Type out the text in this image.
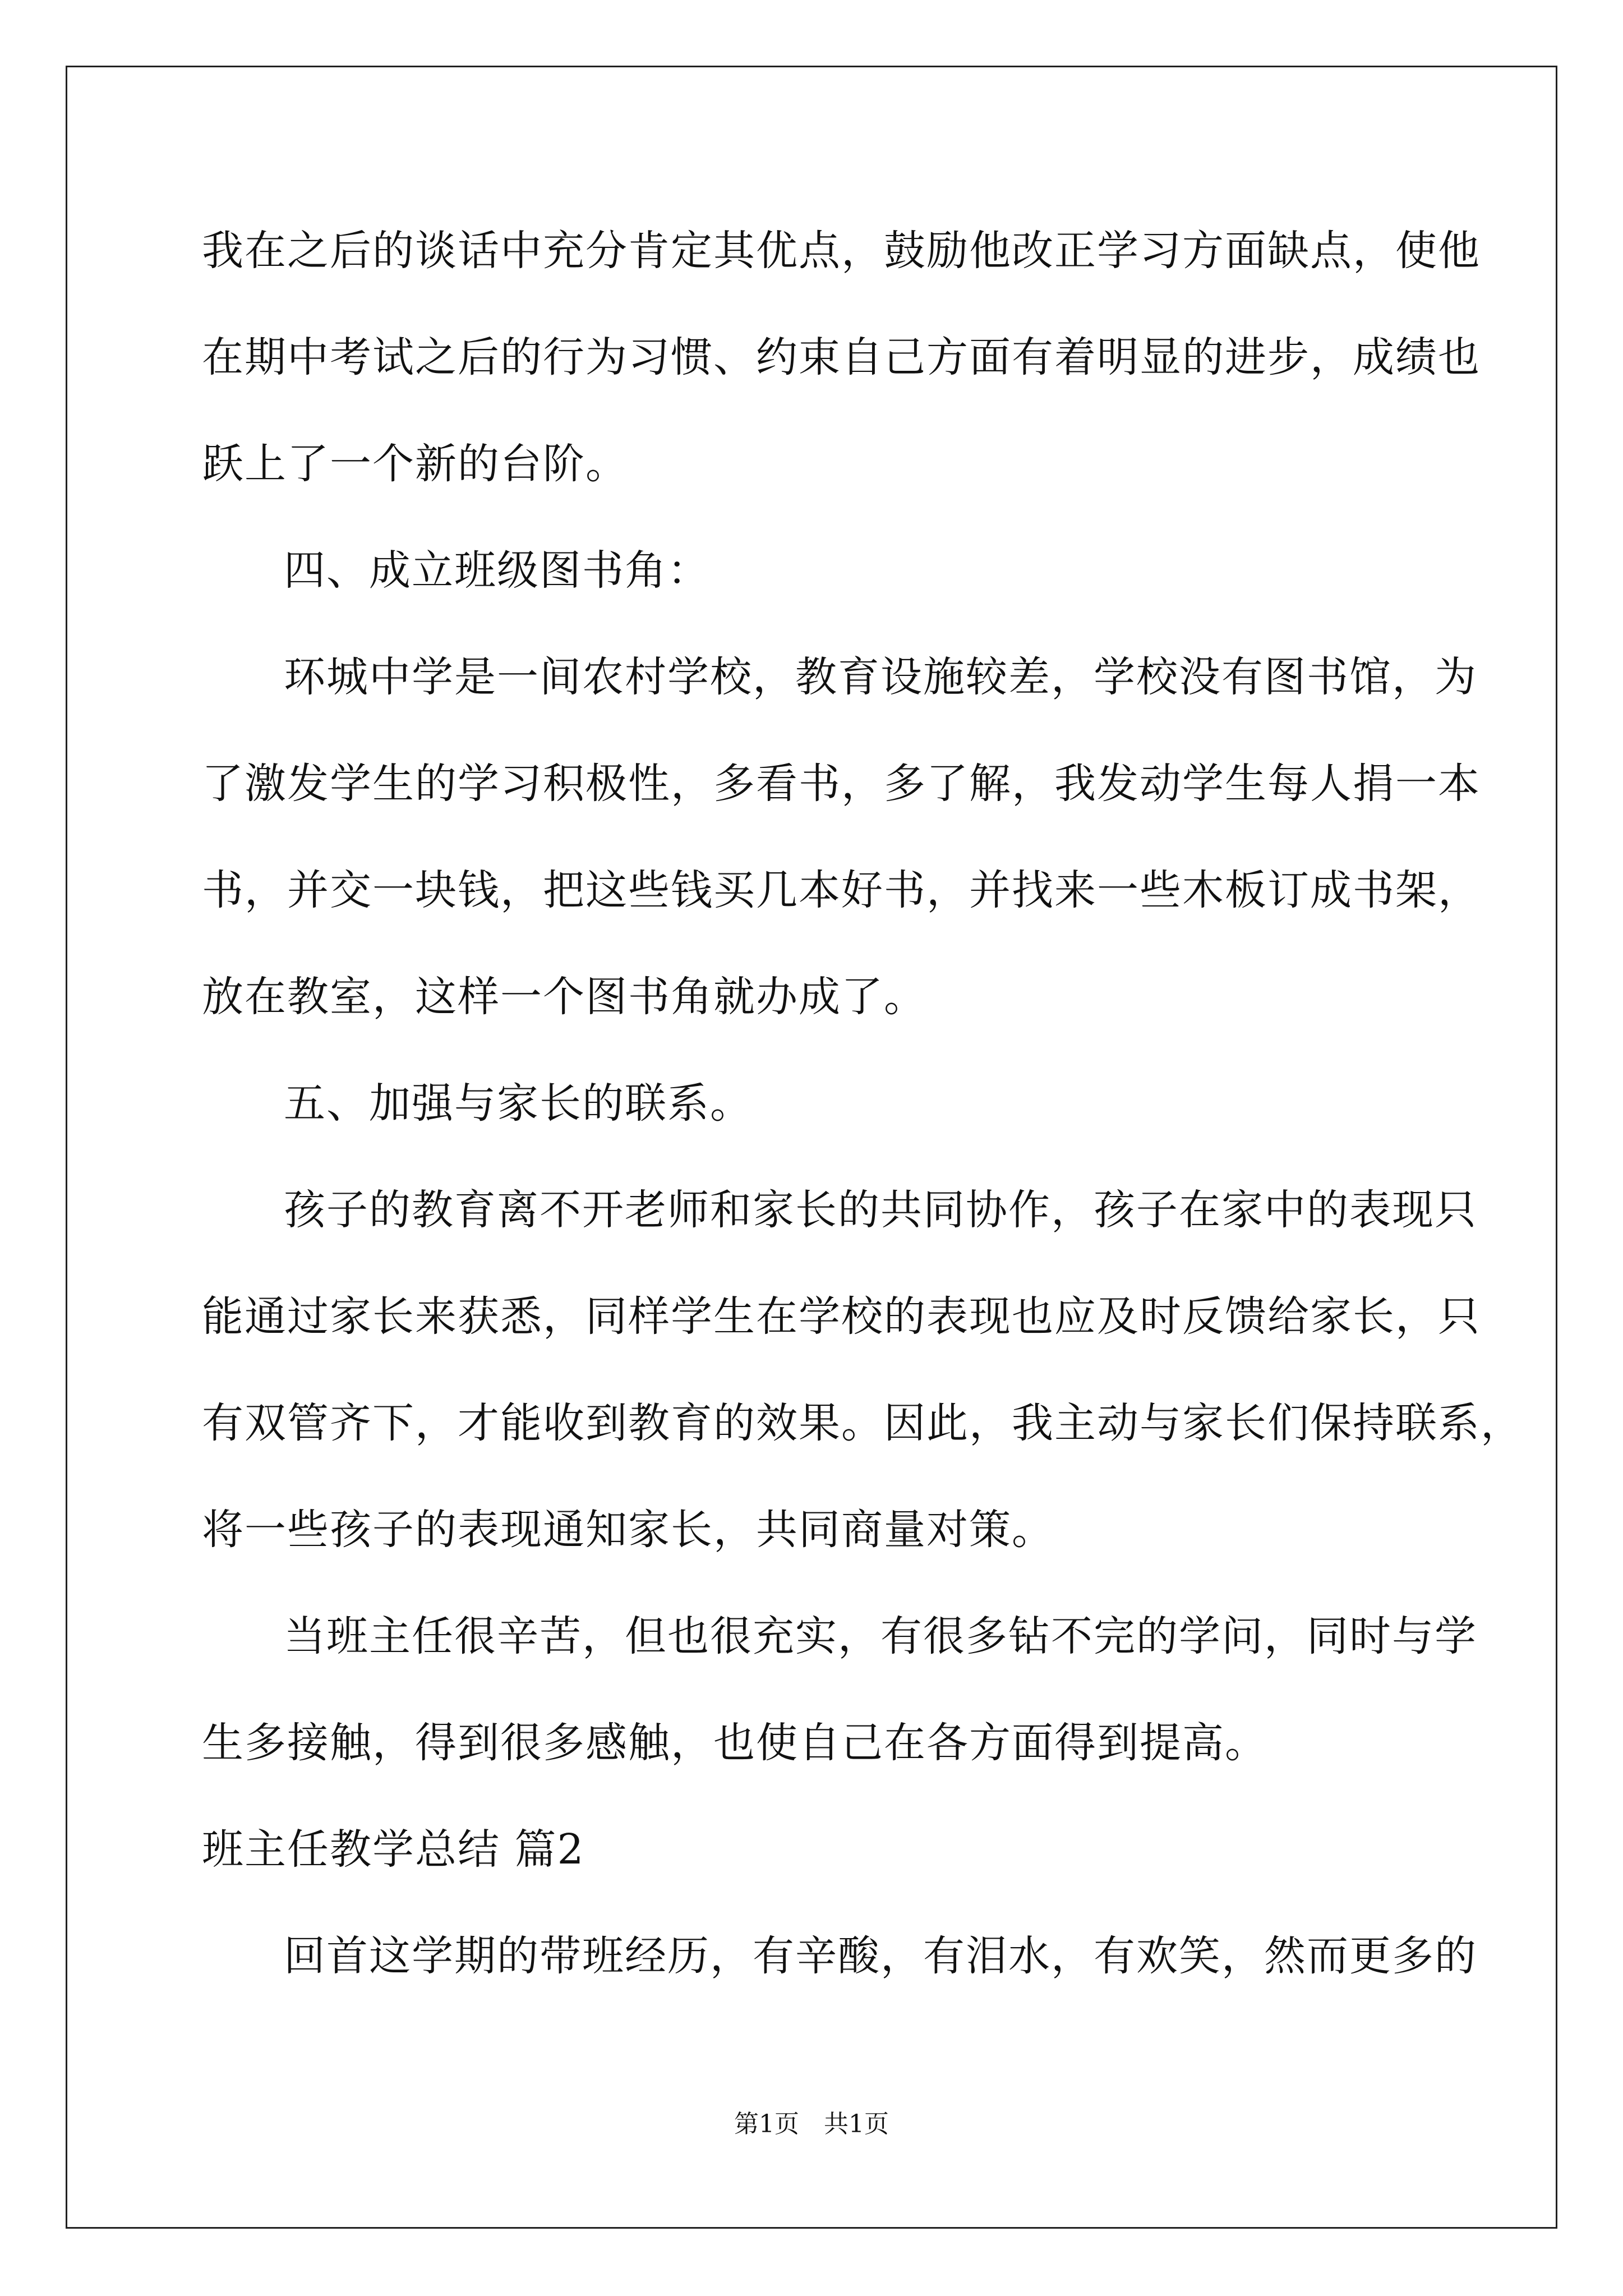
我在之后的谈话中充分肯定其优点，鼓励他改正学习方面缺点，使他
在期中考试之后的行为习惯、约束自己方面有着明显的进步，成绩也
跃上了一个新的台阶。
四、成立班级图书角：
环城中学是一间农村学校，教育设施较差，学校没有图书馆，为
了激发学生的学习积极性，多看书，多了解，我发动学生每人捐一本
书，并交一块钱，把这些钱买几本好书，并找来一些木板订成书架，
放在教室，这样一个图书角就办成了。
五、加强与家长的联系。
孩子的教育离不开老师和家长的共同协作，孩子在家中的表现只
能通过家长来获悉，同样学生在学校的表现也应及时反馈给家长，只
有双管齐下，才能收到教育的效果。因此，我主动与家长们保持联系，
将一些孩子的表现通知家长，共同商量对策。
当班主任很辛苦，但也很充实，有很多钻不完的学问，同时与学
生多接触，得到很多感触，也使自己在各方面得到提高。
班主任教学总结 篇2
回首这学期的带班经历，有辛酸，有泪水，有欢笑，然而更多的
第1页　共1页
